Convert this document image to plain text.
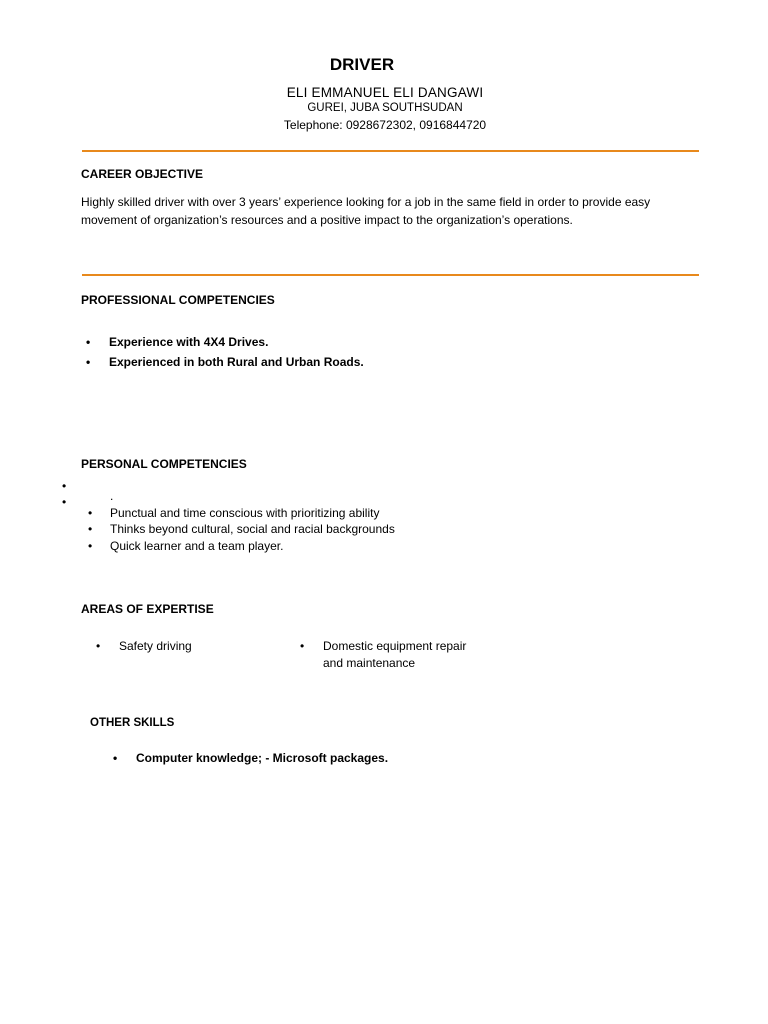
DRIVER
ELI EMMANUEL ELI DANGAWI
GUREI, JUBA SOUTHSUDAN
Telephone: 0928672302, 0916844720
CAREER OBJECTIVE
Highly skilled driver with over 3 years’ experience looking for a job in the same field in order to provide easy movement of organization’s resources and a positive impact to the organization’s operations.
PROFESSIONAL COMPETENCIES
• Experience with 4X4 Drives.
• Experienced in both Rural and Urban Roads.
PERSONAL COMPETENCIES
•
•	.
• Punctual and time conscious with prioritizing ability
• Thinks beyond cultural, social and racial backgrounds
• Quick learner and a team player.
AREAS OF EXPERTISE
• Safety driving	• Domestic equipment repair and maintenance
OTHER SKILLS
• Computer knowledge; - Microsoft packages.
